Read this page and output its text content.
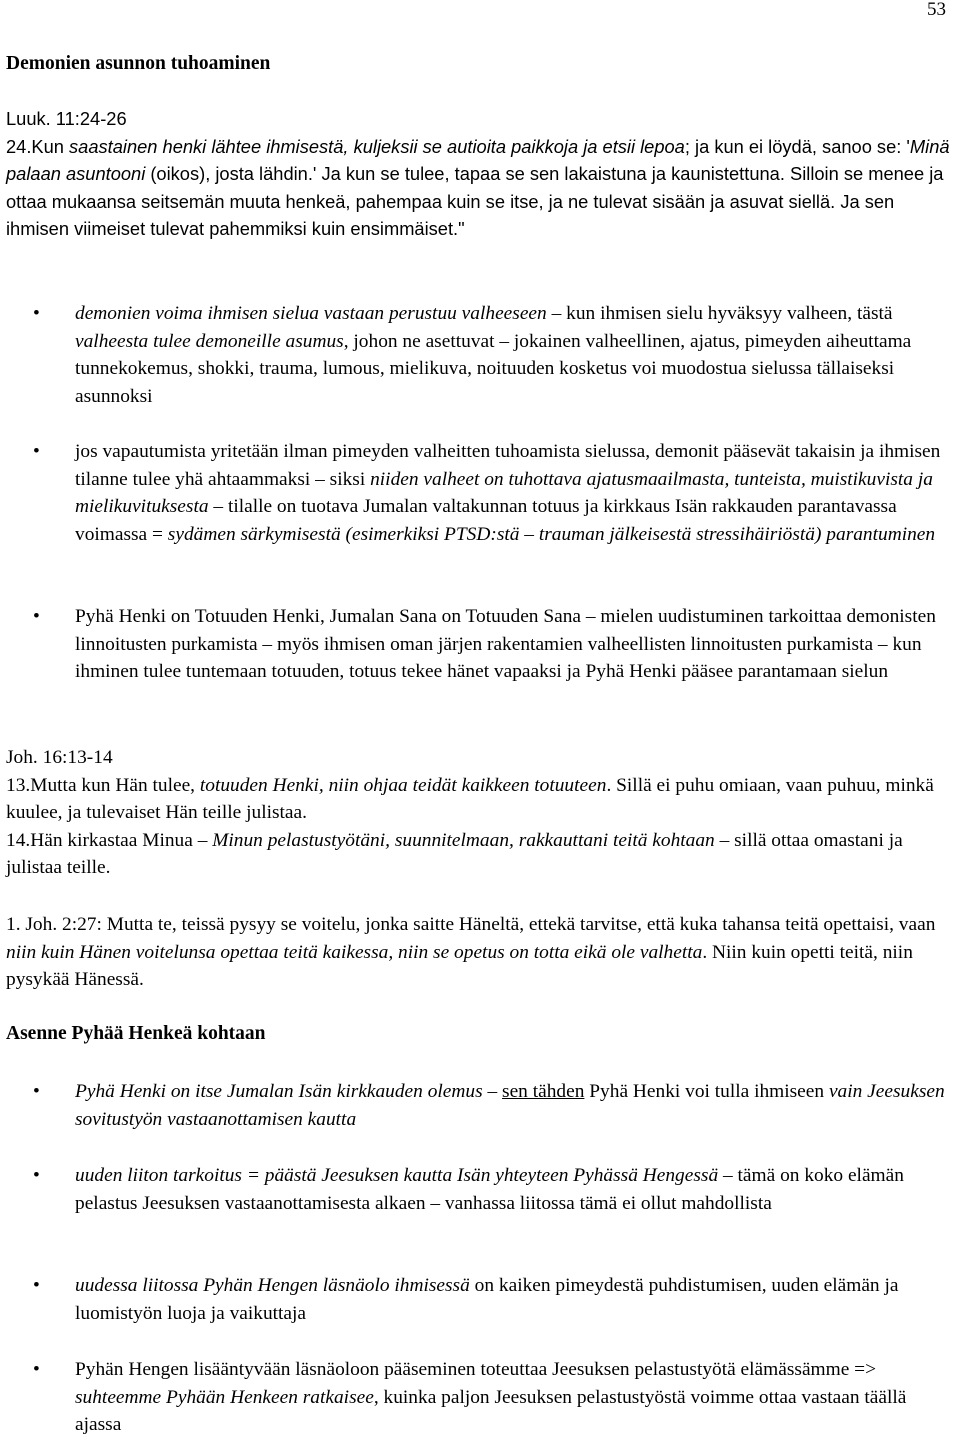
53
Demonien asunnon tuhoaminen
Luuk. 11:24-26
24.Kun saastainen henki lähtee ihmisestä, kuljeksii se autioita paikkoja ja etsii lepoa; ja kun ei löydä, sanoo se: 'Minä palaan asuntooni (oikos), josta lähdin.' Ja kun se tulee, tapaa se sen lakaistuna ja kaunistettuna. Silloin se menee ja ottaa mukaansa seitsemän muuta henkeä, pahempaa kuin se itse, ja ne tulevat sisään ja asuvat siellä. Ja sen ihmisen viimeiset tulevat pahemmiksi kuin ensimmäiset."
• demonien voima ihmisen sielua vastaan perustuu valheeseen – kun ihmisen sielu hyväksyy valheen, tästä valheesta tulee demoneille asumus, johon ne asettuvat – jokainen valheellinen, ajatus, pimeyden aiheuttama tunnekokemus, shokki, trauma, lumous, mielikuva, noituuden kosketus voi muodostua sielussa tällaiseksi asunnoksi
• jos vapautumista yritetään ilman pimeyden valheitten tuhoamista sielussa, demonit pääsevät takaisin ja ihmisen tilanne tulee yhä ahtaammaksi – siksi niiden valheet on tuhottava ajatusmaailmasta, tunteista, muistikuvista ja mielikuvituksesta – tilalle on tuotava Jumalan valtakunnan totuus ja kirkkaus Isän rakkauden parantavassa voimassa = sydämen särkymisestä (esimerkiksi PTSD:stä – trauman jälkeisestä stressihäiriöstä) parantuminen
• Pyhä Henki on Totuuden Henki, Jumalan Sana on Totuuden Sana – mielen uudistuminen tarkoittaa demonisten linnoitusten purkamista – myös ihmisen oman järjen rakentamien valheellisten linnoitusten purkamista – kun ihminen tulee tuntemaan totuuden, totuus tekee hänet vapaaksi ja Pyhä Henki pääsee parantamaan sielun
Joh. 16:13-14
13.Mutta kun Hän tulee, totuuden Henki, niin ohjaa teidät kaikkeen totuuteen. Sillä ei puhu omiaan, vaan puhuu, minkä kuulee, ja tulevaiset Hän teille julistaa.
14.Hän kirkastaa Minua – Minun pelastustyötäni, suunnitelmaan, rakkauttani teitä kohtaan – sillä ottaa omastani ja julistaa teille.
1. Joh. 2:27: Mutta te, teissä pysyy se voitelu, jonka saitte Häneltä, ettekä tarvitse, että kuka tahansa teitä opettaisi, vaan niin kuin Hänen voitelunsa opettaa teitä kaikessa, niin se opetus on totta eikä ole valhetta. Niin kuin opetti teitä, niin pysykää Hänessä.
Asenne Pyhää Henkeä kohtaan
• Pyhä Henki on itse Jumalan Isän kirkkauden olemus – sen tähden Pyhä Henki voi tulla ihmiseen vain Jeesuksen sovitustyön vastaanottamisen kautta
• uuden liiton tarkoitus = päästä Jeesuksen kautta Isän yhteyteen Pyhässä Hengessä – tämä on koko elämän pelastus Jeesuksen vastaanottamisesta alkaen – vanhassa liitossa tämä ei ollut mahdollista
• uudessa liitossa Pyhän Hengen läsnäolo ihmisessä on kaiken pimeydestä puhdistumisen, uuden elämän ja luomistyön luoja ja vaikuttaja
• Pyhän Hengen lisääntyvään läsnäoloon pääseminen toteuttaa Jeesuksen pelastustyötä elämässämme => suhteemme Pyhään Henkeen ratkaisee, kuinka paljon Jeesuksen pelastustyöstä voimme ottaa vastaan täällä ajassa
